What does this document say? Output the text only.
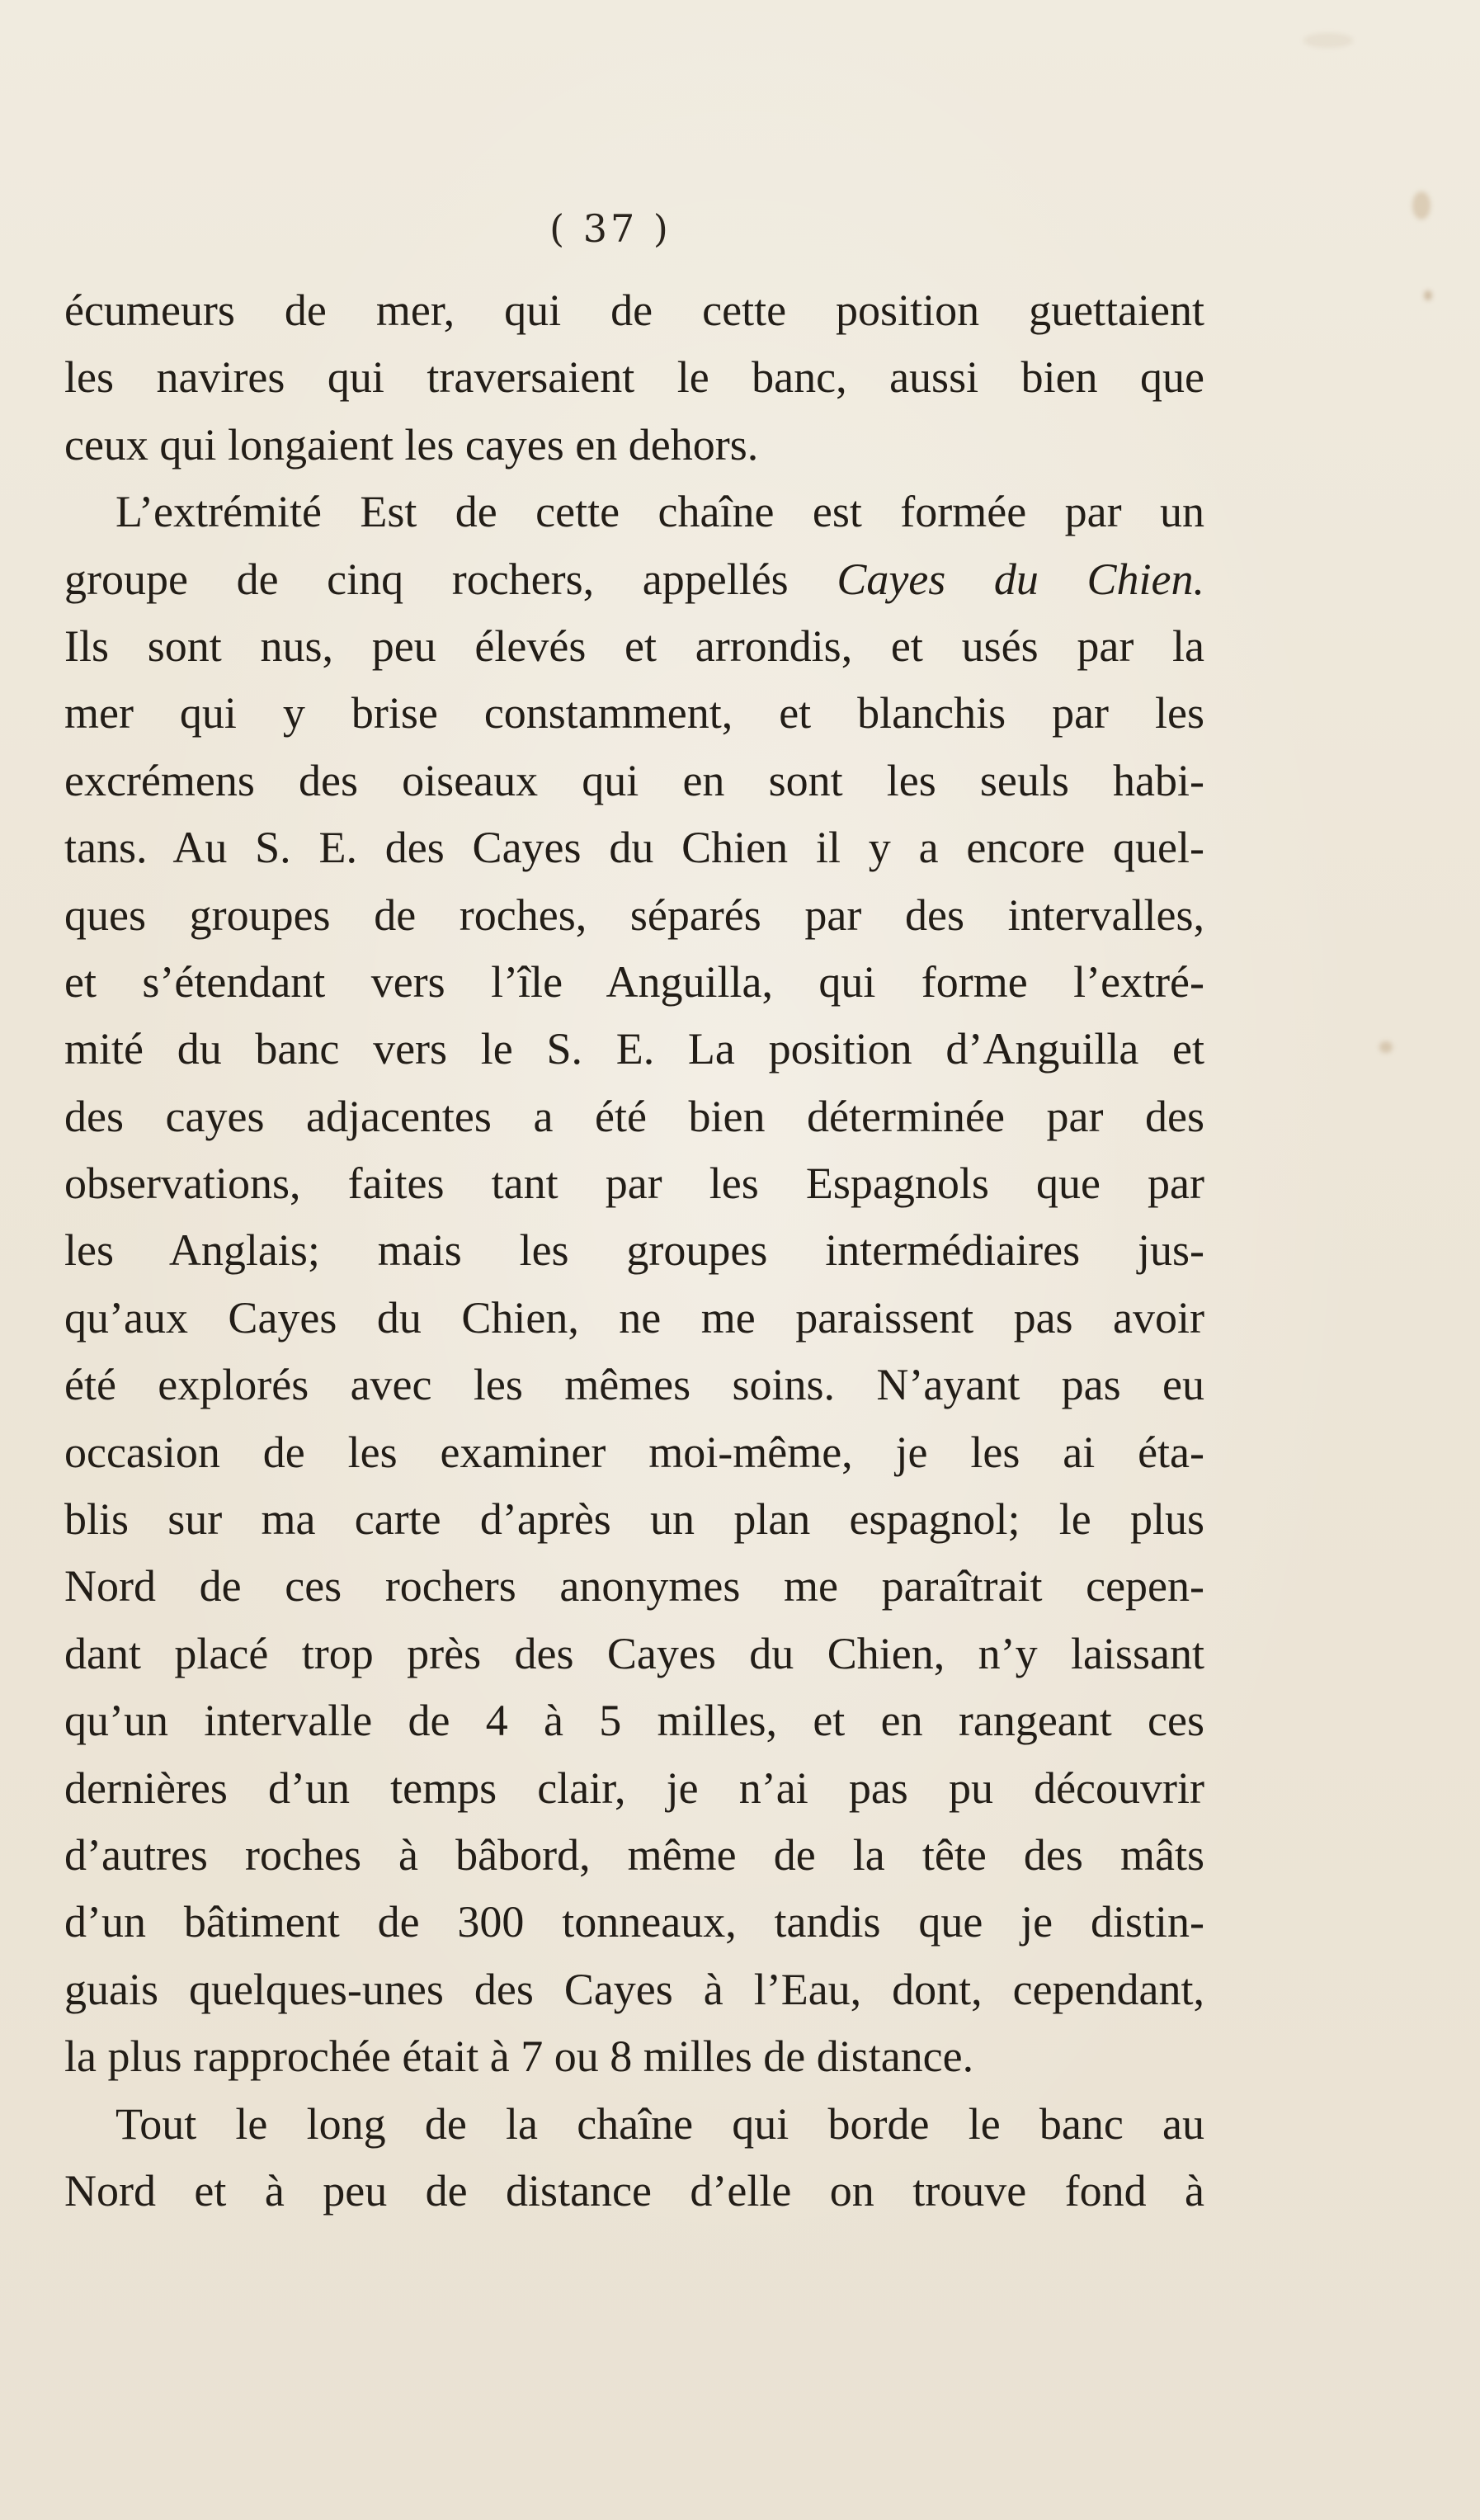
( 37 )
écumeurs de mer, qui de cette position guettaient
les navires qui traversaient le banc, aussi bien que
ceux qui longaient les cayes en dehors.
L’extrémité Est de cette chaîne est formée par un
groupe de cinq rochers, appellés Cayes du Chien.
Ils sont nus, peu élevés et arrondis, et usés par la
mer qui y brise constamment, et blanchis par les
excrémens des oiseaux qui en sont les seuls habi-
tans. Au S. E. des Cayes du Chien il y a encore quel-
ques groupes de roches, séparés par des intervalles,
et s’étendant vers l’île Anguilla, qui forme l’extré-
mité du banc vers le S. E. La position d’Anguilla et
des cayes adjacentes a été bien déterminée par des
observations, faites tant par les Espagnols que par
les Anglais; mais les groupes intermédiaires jus-
qu’aux Cayes du Chien, ne me paraissent pas avoir
été explorés avec les mêmes soins. N’ayant pas eu
occasion de les examiner moi-même, je les ai éta-
blis sur ma carte d’après un plan espagnol; le plus
Nord de ces rochers anonymes me paraîtrait cepen-
dant placé trop près des Cayes du Chien, n’y laissant
qu’un intervalle de 4 à 5 milles, et en rangeant ces
dernières d’un temps clair, je n’ai pas pu découvrir
d’autres roches à bâbord, même de la tête des mâts
d’un bâtiment de 300 tonneaux, tandis que je distin-
guais quelques-unes des Cayes à l’Eau, dont, cependant,
la plus rapprochée était à 7 ou 8 milles de distance.
Tout le long de la chaîne qui borde le banc au
Nord et à peu de distance d’elle on trouve fond à
